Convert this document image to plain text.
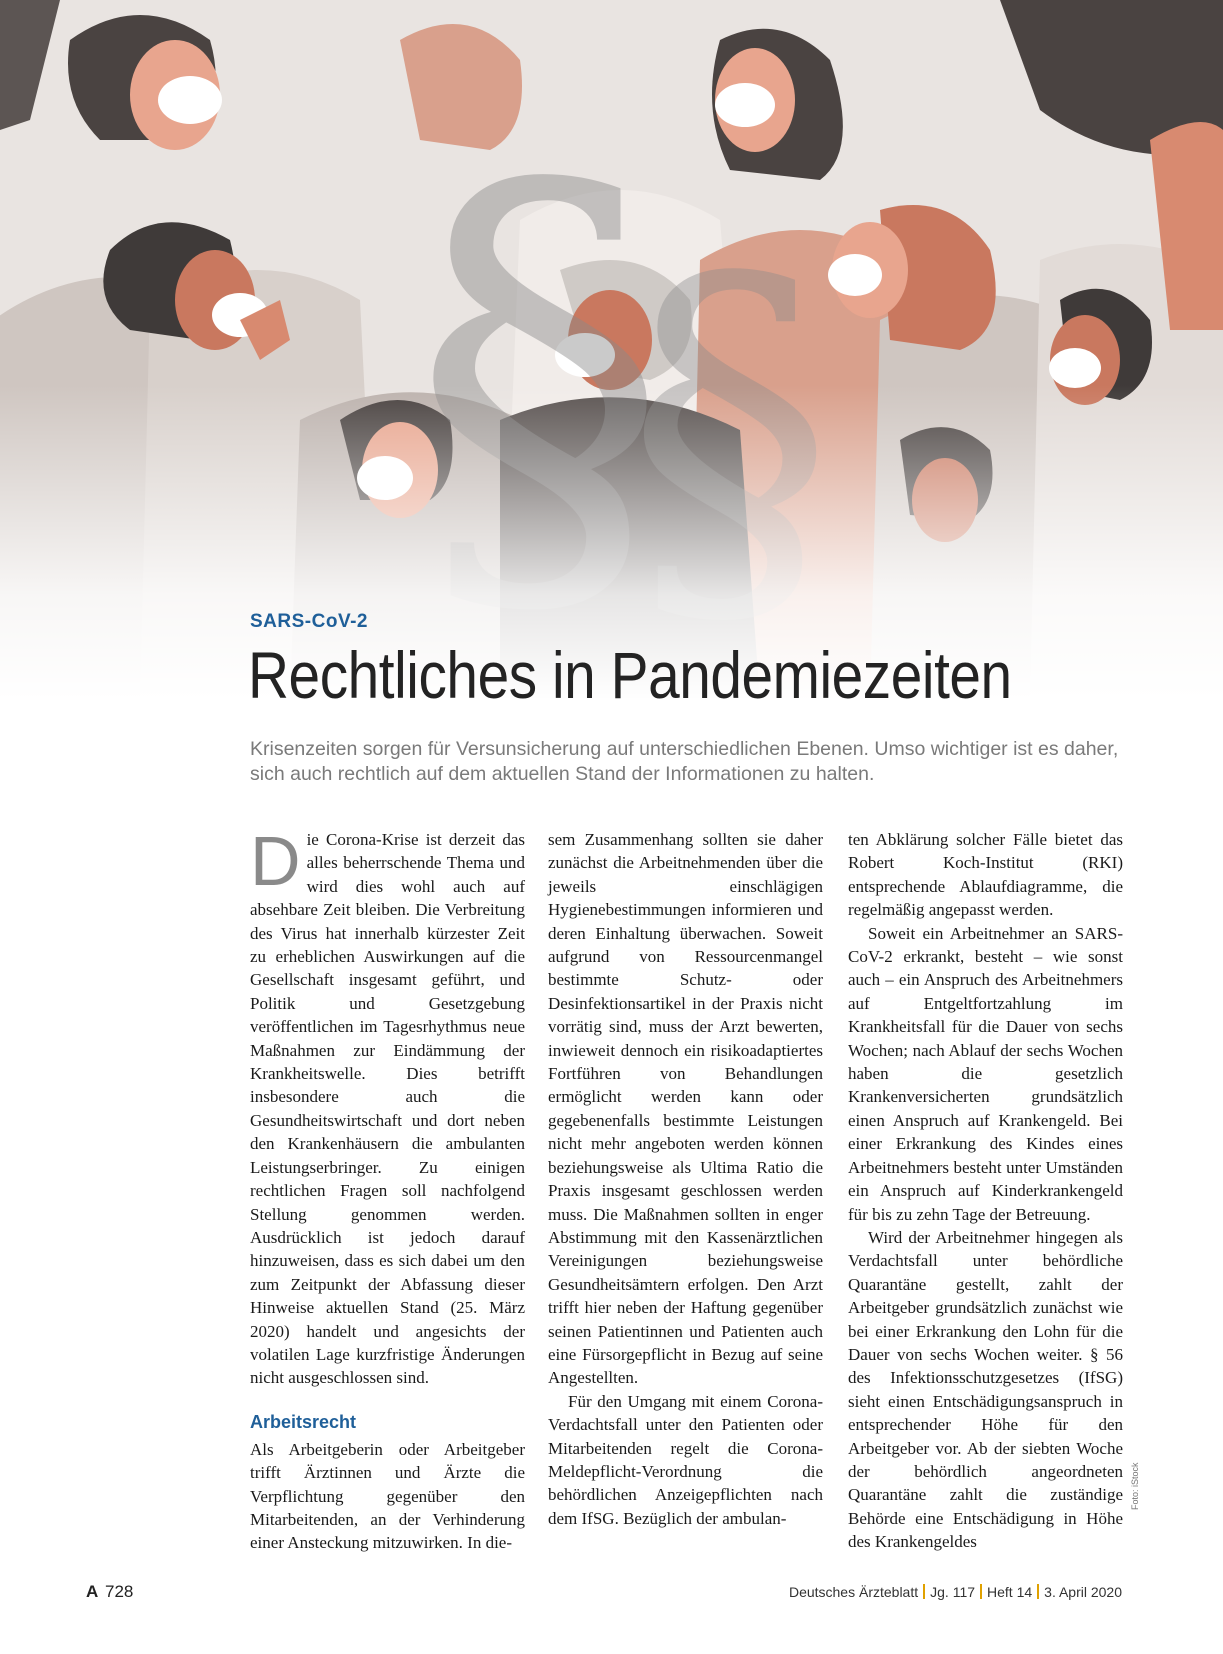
SARS-CoV-2
Rechtliches in Pandemiezeiten
Krisenzeiten sorgen für Versunsicherung auf unterschiedlichen Ebenen. Umso wichtiger ist es daher, sich auch rechtlich auf dem aktuellen Stand der Informationen zu halten.
D ie Corona-Krise ist derzeit das alles beherrschende Thema und wird dies wohl auch auf absehbare Zeit bleiben. Die Verbreitung des Virus hat innerhalb kürzester Zeit zu erheblichen Auswirkungen auf die Gesellschaft insgesamt geführt, und Politik und Gesetzgebung veröffentlichen im Tagesrhythmus neue Maßnahmen zur Eindämmung der Krankheitswelle. Dies betrifft insbesondere auch die Gesundheitswirtschaft und dort neben den Krankenhäusern die ambulanten Leistungserbringer. Zu einigen rechtlichen Fragen soll nachfolgend Stellung genommen werden. Ausdrücklich ist jedoch darauf hinzuweisen, dass es sich dabei um den zum Zeitpunkt der Abfassung dieser Hinweise aktuellen Stand (25. März 2020) handelt und angesichts der volatilen Lage kurzfristige Änderungen nicht ausgeschlossen sind.

Arbeitsrecht

Als Arbeitgeberin oder Arbeitgeber trifft Ärztinnen und Ärzte die Verpflichtung gegenüber den Mitarbeitenden, an der Verhinderung einer Ansteckung mitzuwirken. In die-

sem Zusammenhang sollten sie daher zunächst die Arbeitnehmenden über die jeweils einschlägigen Hygienebestimmungen informieren und deren Einhaltung überwachen. Soweit aufgrund von Ressourcenmangel bestimmte Schutz- oder Desinfektionsartikel in der Praxis nicht vorrätig sind, muss der Arzt bewerten, inwieweit dennoch ein risikoadaptiertes Fortführen von Behandlungen ermöglicht werden kann oder gegebenenfalls bestimmte Leistungen nicht mehr angeboten werden können beziehungsweise als Ultima Ratio die Praxis insgesamt geschlossen werden muss. Die Maßnahmen sollten in enger Abstimmung mit den Kassenärztlichen Vereinigungen beziehungsweise Gesundheitsämtern erfolgen. Den Arzt trifft hier neben der Haftung gegenüber seinen Patientinnen und Patienten auch eine Fürsorgepflicht in Bezug auf seine Angestellten.

Für den Umgang mit einem Corona-Verdachtsfall unter den Patienten oder Mitarbeitenden regelt die Corona-Meldepflicht-Verordnung die behördlichen Anzeigepflichten nach dem IfSG. Bezüglich der ambulan-

ten Abklärung solcher Fälle bietet das Robert Koch-Institut (RKI) entsprechende Ablaufdiagramme, die regelmäßig angepasst werden.

Soweit ein Arbeitnehmer an SARS-CoV-2 erkrankt, besteht – wie sonst auch – ein Anspruch des Arbeitnehmers auf Entgeltfortzahlung im Krankheitsfall für die Dauer von sechs Wochen; nach Ablauf der sechs Wochen haben die gesetzlich Krankenversicherten grundsätzlich einen Anspruch auf Krankengeld. Bei einer Erkrankung des Kindes eines Arbeitnehmers besteht unter Umständen ein Anspruch auf Kinderkrankengeld für bis zu zehn Tage der Betreuung.

Wird der Arbeitnehmer hingegen als Verdachtsfall unter behördliche Quarantäne gestellt, zahlt der Arbeitgeber grundsätzlich zunächst wie bei einer Erkrankung den Lohn für die Dauer von sechs Wochen weiter. § 56 des Infektionsschutzgesetzes (IfSG) sieht einen Entschädigungsanspruch in entsprechender Höhe für den Arbeitgeber vor. Ab der siebten Woche der behördlich angeordneten Quarantäne zahlt die zuständige Behörde eine Entschädigung in Höhe des Krankengeldes

Foto: iStock
A 728	Deutsches Ärzteblatt Jg. 117 Heft 14 3. April 2020
